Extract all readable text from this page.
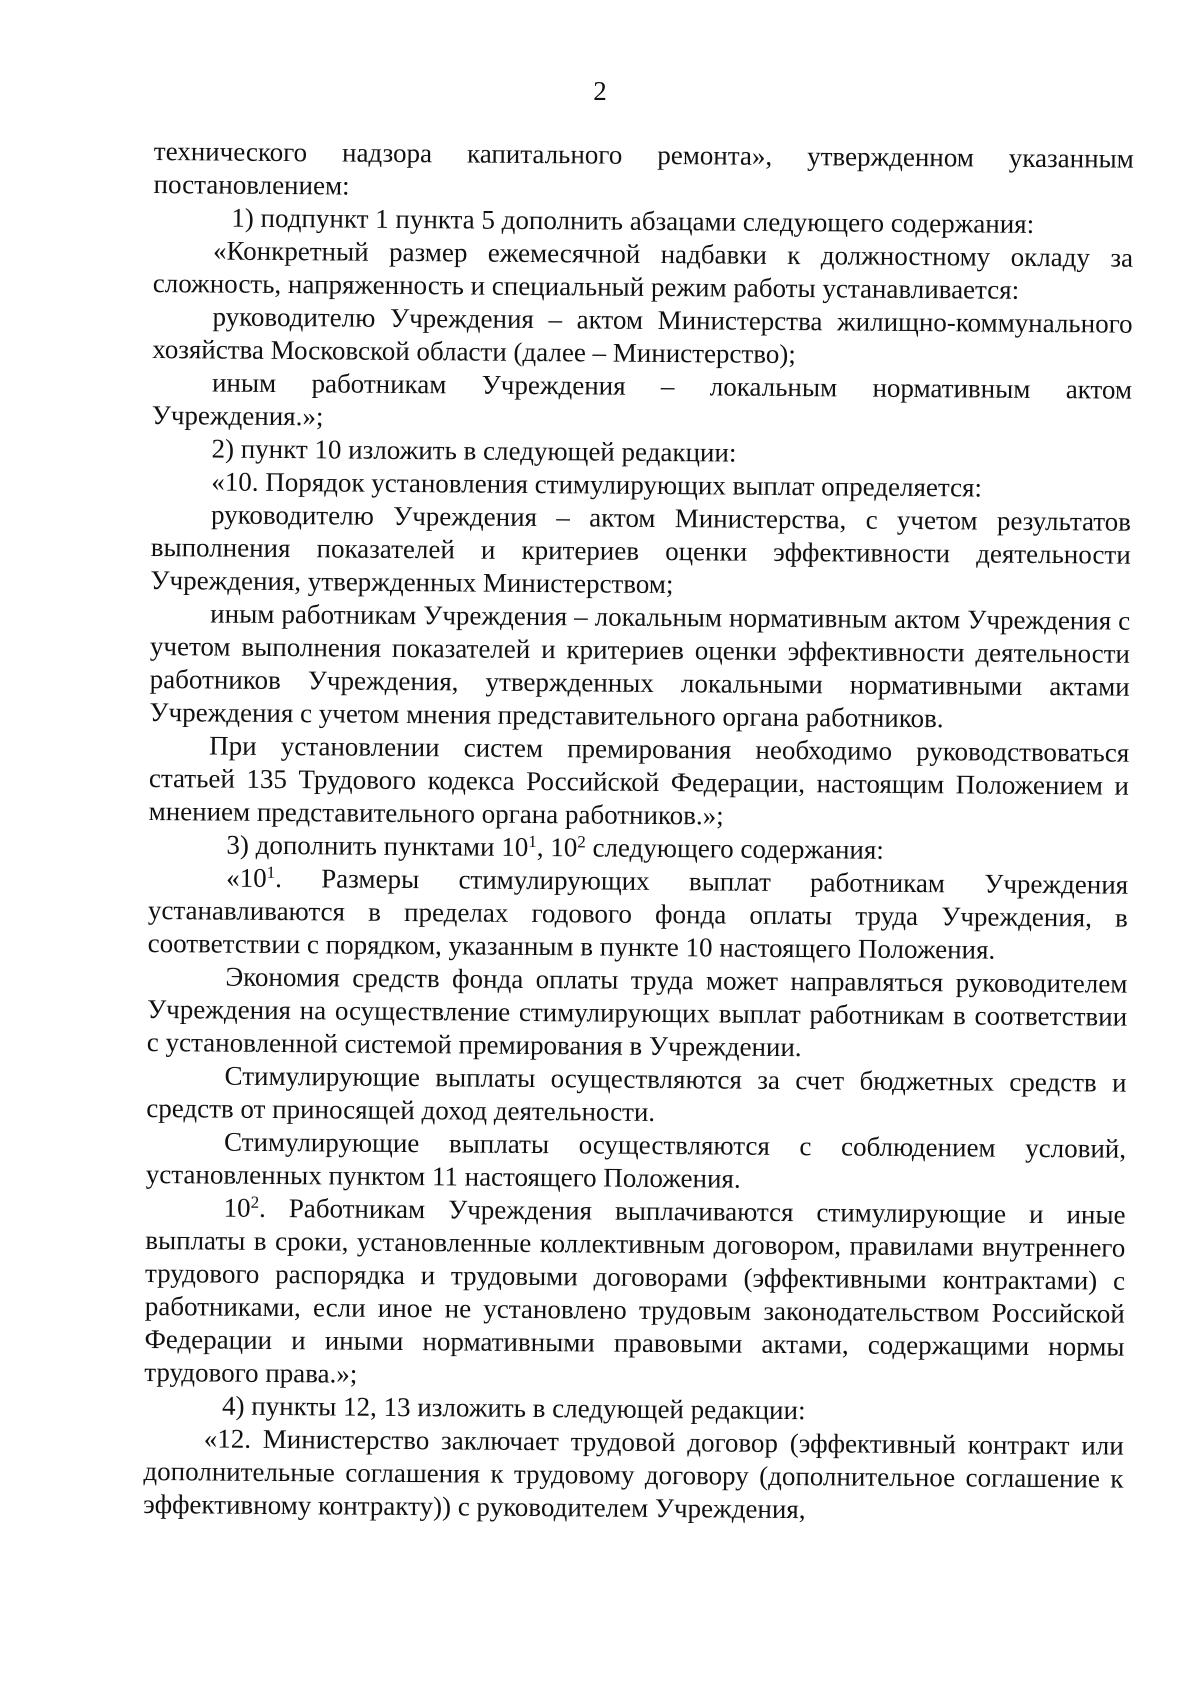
2

технического надзора капитального ремонта», утвержденном указанным постановлением:

1) подпункт 1 пункта 5 дополнить абзацами следующего содержания:

«Конкретный размер ежемесячной надбавки к должностному окладу за сложность, напряженность и специальный режим работы устанавливается:

руководителю Учреждения – актом Министерства жилищно-коммунального хозяйства Московской области (далее – Министерство);

иным работникам Учреждения – локальным нормативным актом Учреждения.»;

2) пункт 10 изложить в следующей редакции:

«10. Порядок установления стимулирующих выплат определяется:

руководителю Учреждения – актом Министерства, с учетом результатов выполнения показателей и критериев оценки эффективности деятельности Учреждения, утвержденных Министерством;

иным работникам Учреждения – локальным нормативным актом Учреждения с учетом выполнения показателей и критериев оценки эффективности деятельности работников Учреждения, утвержденных локальными нормативными актами Учреждения с учетом мнения представительного органа работников.

При установлении систем премирования необходимо руководствоваться статьей 135 Трудового кодекса Российской Федерации, настоящим Положением и мнением представительного органа работников.»;

3) дополнить пунктами $10^1$, $10^2$ следующего содержания:

«$10^1$. Размеры стимулирующих выплат работникам Учреждения устанавливаются в пределах годового фонда оплаты труда Учреждения, в соответствии с порядком, указанным в пункте 10 настоящего Положения.

Экономия средств фонда оплаты труда может направляться руководителем Учреждения на осуществление стимулирующих выплат работникам в соответствии с установленной системой премирования в Учреждении.

Стимулирующие выплаты осуществляются за счет бюджетных средств и средств от приносящей доход деятельности.

Стимулирующие выплаты осуществляются с соблюдением условий, установленных пунктом 11 настоящего Положения.

$10^2$. Работникам Учреждения выплачиваются стимулирующие и иные выплаты в сроки, установленные коллективным договором, правилами внутреннего трудового распорядка и трудовыми договорами (эффективными контрактами) с работниками, если иное не установлено трудовым законодательством Российской Федерации и иными нормативными правовыми актами, содержащими нормы трудового права.»;

4) пункты 12, 13 изложить в следующей редакции:

«12. Министерство заключает трудовой договор (эффективный контракт или дополнительные соглашения к трудовому договору (дополнительное соглашение к эффективному контракту)) с руководителем Учреждения,
